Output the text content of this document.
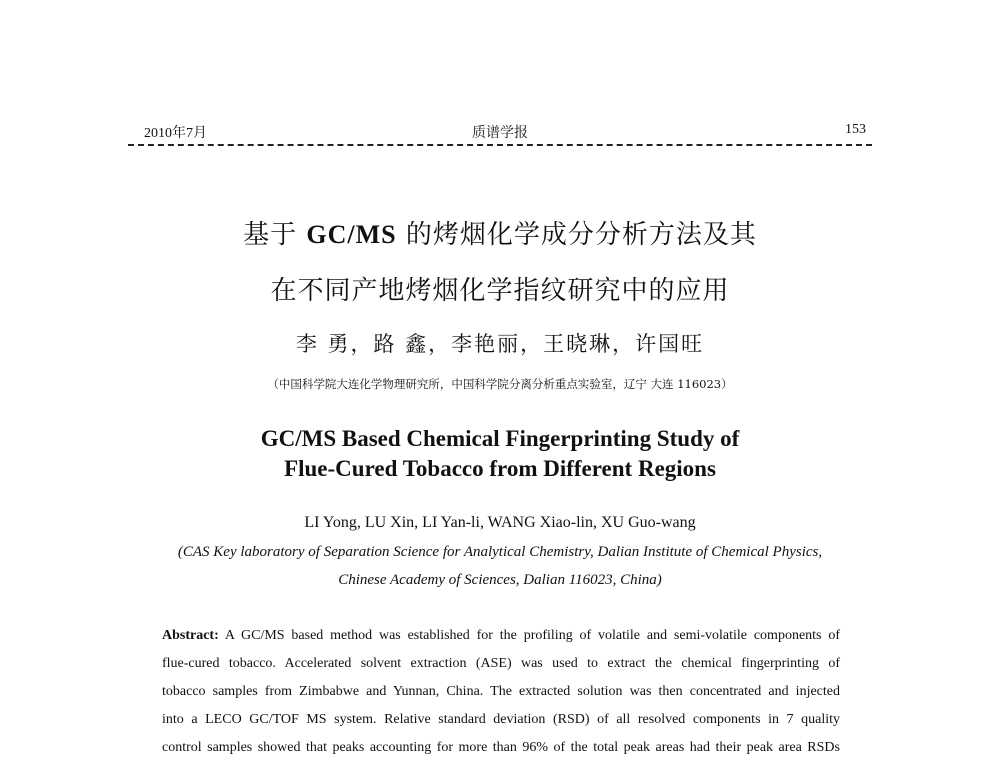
2010年7月	质谱学报	153
基于 GC/MS 的烤烟化学成分分析方法及其
在不同产地烤烟化学指纹研究中的应用
李 勇，路 鑫，李艳丽，王晓琳，许国旺
（中国科学院大连化学物理研究所，中国科学院分离分析重点实验室，辽宁 大连 116023）
GC/MS Based Chemical Fingerprinting Study of
Flue-Cured Tobacco from Different Regions
LI Yong, LU Xin, LI Yan-li, WANG Xiao-lin, XU Guo-wang
(CAS Key laboratory of Separation Science for Analytical Chemistry, Dalian Institute of Chemical Physics,
Chinese Academy of Sciences, Dalian 116023, China)
Abstract: A GC/MS based method was established for the profiling of volatile and semi-volatile components of
flue-cured tobacco. Accelerated solvent extraction (ASE) was used to extract the chemical fingerprinting of
tobacco samples from Zimbabwe and Yunnan, China. The extracted solution was then concentrated and injected
into a LECO GC/TOF MS system. Relative standard deviation (RSD) of all resolved components in 7 quality
control samples showed that peaks accounting for more than 96% of the total peak areas had their peak area RSDs
